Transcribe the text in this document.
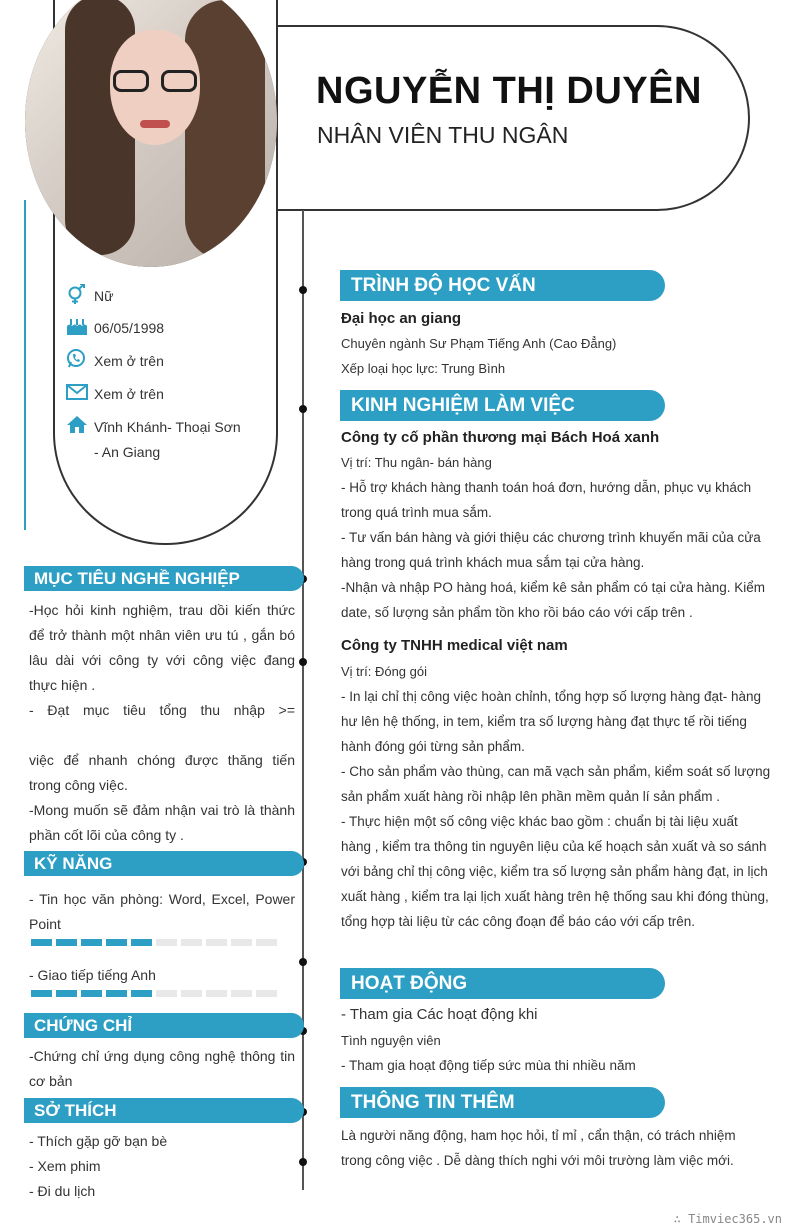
NGUYỄN THỊ DUYÊN
NHÂN VIÊN THU NGÂN
Nữ
06/05/1998
Xem ở trên
Xem ở trên
Vĩnh Khánh- Thoại Sơn - An Giang
MỤC TIÊU NGHỀ NGHIỆP
-Học hỏi kinh nghiệm, trau dồi kiến thức để trở thành một nhân viên ưu tú , gắn bó lâu dài với công ty với công việc đang thực hiện .
- Đạt mục tiêu tổng thu nhập >=
việc để nhanh chóng được thăng tiến trong công việc.
-Mong muốn sẽ đảm nhận vai trò là thành phần cốt lõi của công ty .
KỸ NĂNG
- Tin học văn phòng: Word, Excel, Power Point
- Giao tiếp tiếng Anh
CHỨNG CHỈ
-Chứng chỉ ứng dụng công nghệ thông tin cơ bản
SỞ THÍCH
- Thích gặp gỡ bạn bè
- Xem phim
- Đi du lịch
TRÌNH ĐỘ HỌC VẤN
Đại học an giang
Chuyên ngành Sư Phạm Tiếng Anh (Cao Đẳng)
Xếp loại học lực: Trung Bình
KINH NGHIỆM LÀM VIỆC
Công ty cố phần thương mại Bách Hoá xanh
Vị trí: Thu ngân- bán hàng
- Hỗ trợ khách hàng thanh toán hoá đơn, hướng dẫn, phục vụ khách trong quá trình mua sắm.
- Tư vấn bán hàng và giới thiệu các chương trình khuyến mãi của cửa hàng trong quá trình khách mua sắm tại cửa hàng.
-Nhận và nhập PO hàng hoá, kiểm kê sản phẩm có tại cửa hàng. Kiểm date, số lượng sản phẩm tồn kho rồi báo cáo với cấp trên .
Công ty TNHH medical việt nam
Vị trí: Đóng gói
- In lại chỉ thị công việc hoàn chỉnh, tổng hợp số lượng hàng đạt- hàng hư lên hệ thống, in tem, kiểm tra số lượng hàng đạt thực tế rồi tiếng hành đóng gói từng sản phẩm.
- Cho sản phẩm vào thùng, can mã vạch sản phẩm, kiểm soát số lượng sản phẩm xuất hàng rồi nhập lên phần mềm quản lí sản phẩm .
- Thực hiện một số công việc khác bao gồm : chuẩn bị tài liệu xuất hàng , kiểm tra thông tin nguyên liệu của kế hoạch sản xuất và so sánh với bảng chỉ thị công việc, kiểm tra số lượng sản phẩm hàng đạt, in lịch xuất hàng , kiểm tra lại lịch xuất hàng trên hệ thống sau khi đóng thùng, tổng hợp tài liệu từ các công đoạn để báo cáo với cấp trên.
HOẠT ĐỘNG
- Tham gia Các hoạt động khi
Tình nguyện viên
- Tham gia hoạt động tiếp sức mùa thi nhiều năm
THÔNG TIN THÊM
Là người năng động, ham học hỏi, tỉ mỉ , cẩn thận, có trách nhiệm trong công việc . Dễ dàng thích nghi với môi trường làm việc mới.
∴ Timviec365.vn
